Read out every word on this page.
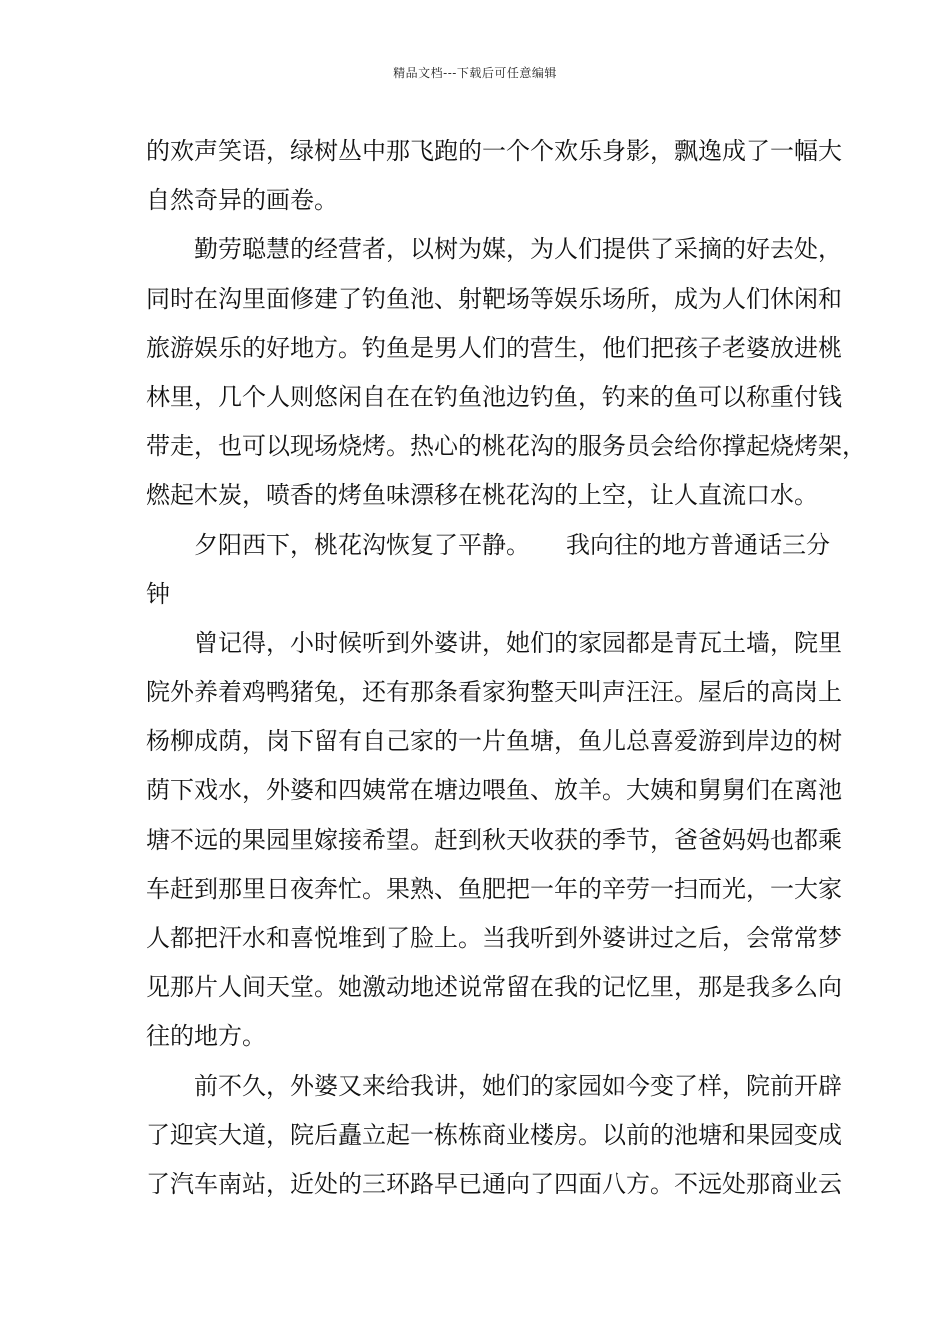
精品文档---下载后可任意编辑
的欢声笑语，绿树丛中那飞跑的一个个欢乐身影，飘逸成了一幅大
自然奇异的画卷。
勤劳聪慧的经营者，以树为媒，为人们提供了采摘的好去处，
同时在沟里面修建了钓鱼池、射靶场等娱乐场所，成为人们休闲和
旅游娱乐的好地方。钓鱼是男人们的营生，他们把孩子老婆放进桃
林里，几个人则悠闲自在在钓鱼池边钓鱼，钓来的鱼可以称重付钱
带走，也可以现场烧烤。热心的桃花沟的服务员会给你撑起烧烤架，
燃起木炭，喷香的烤鱼味漂移在桃花沟的上空，让人直流口水。
夕阳西下，桃花沟恢复了平静。　　我向往的地方普通话三分
钟
曾记得，小时候听到外婆讲，她们的家园都是青瓦土墙，院里
院外养着鸡鸭猪兔，还有那条看家狗整天叫声汪汪。屋后的高岗上
杨柳成荫，岗下留有自己家的一片鱼塘，鱼儿总喜爱游到岸边的树
荫下戏水，外婆和四姨常在塘边喂鱼、放羊。大姨和舅舅们在离池
塘不远的果园里嫁接希望。赶到秋天收获的季节，爸爸妈妈也都乘
车赶到那里日夜奔忙。果熟、鱼肥把一年的辛劳一扫而光，一大家
人都把汗水和喜悦堆到了脸上。当我听到外婆讲过之后，会常常梦
见那片人间天堂。她激动地述说常留在我的记忆里，那是我多么向
往的地方。
前不久，外婆又来给我讲，她们的家园如今变了样，院前开辟
了迎宾大道，院后矗立起一栋栋商业楼房。以前的池塘和果园变成
了汽车南站，近处的三环路早已通向了四面八方。不远处那商业云
